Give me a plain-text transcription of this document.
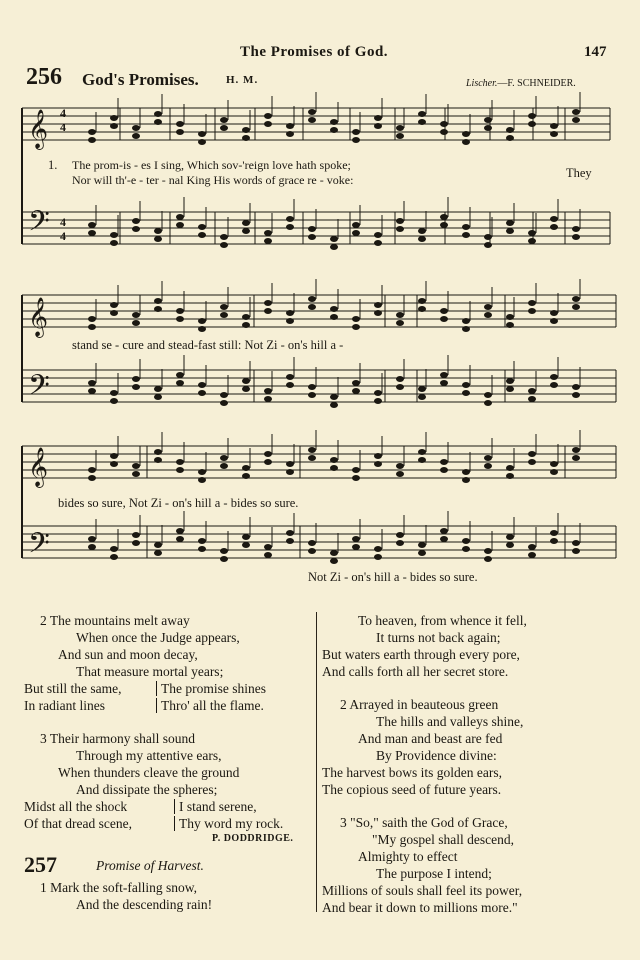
The Promises of God.	147
256 God's Promises. H. M.	Lischer.—F. SCHNEIDER.
𝄞
𝄢
𝄞
𝄢
𝄞
𝄢
4
4
4
4
1. The prom-is - es I sing, Which sov-'reign love hath spoke;
Nor will th'-e - ter - nal King His words of grace re - voke:	They
stand se - cure and stead-fast still: Not Zi - on's hill a -
bides so sure, Not Zi - on's hill a - bides so sure.
Not Zi - on's hill a - bides so sure.
2 The mountains melt away
When once the Judge appears,
And sun and moon decay,
That measure mortal years;
But still the same,	The promise shines
In radiant lines	Thro' all the flame.
3 Their harmony shall sound
Through my attentive ears,
When thunders cleave the ground
And dissipate the spheres;
Midst all the shock	I stand serene,
Of that dread scene,	Thy word my rock.
P. DODDRIDGE.
257	Promise of Harvest.
1 Mark the soft-falling snow,
And the descending rain!
To heaven, from whence it fell,
It turns not back again;
But waters earth through every pore,
And calls forth all her secret store.
2 Arrayed in beauteous green
The hills and valleys shine,
And man and beast are fed
By Providence divine:
The harvest bows its golden ears,
The copious seed of future years.
3 "So," saith the God of Grace,
"My gospel shall descend,
Almighty to effect
The purpose I intend;
Millions of souls shall feel its power,
And bear it down to millions more."
